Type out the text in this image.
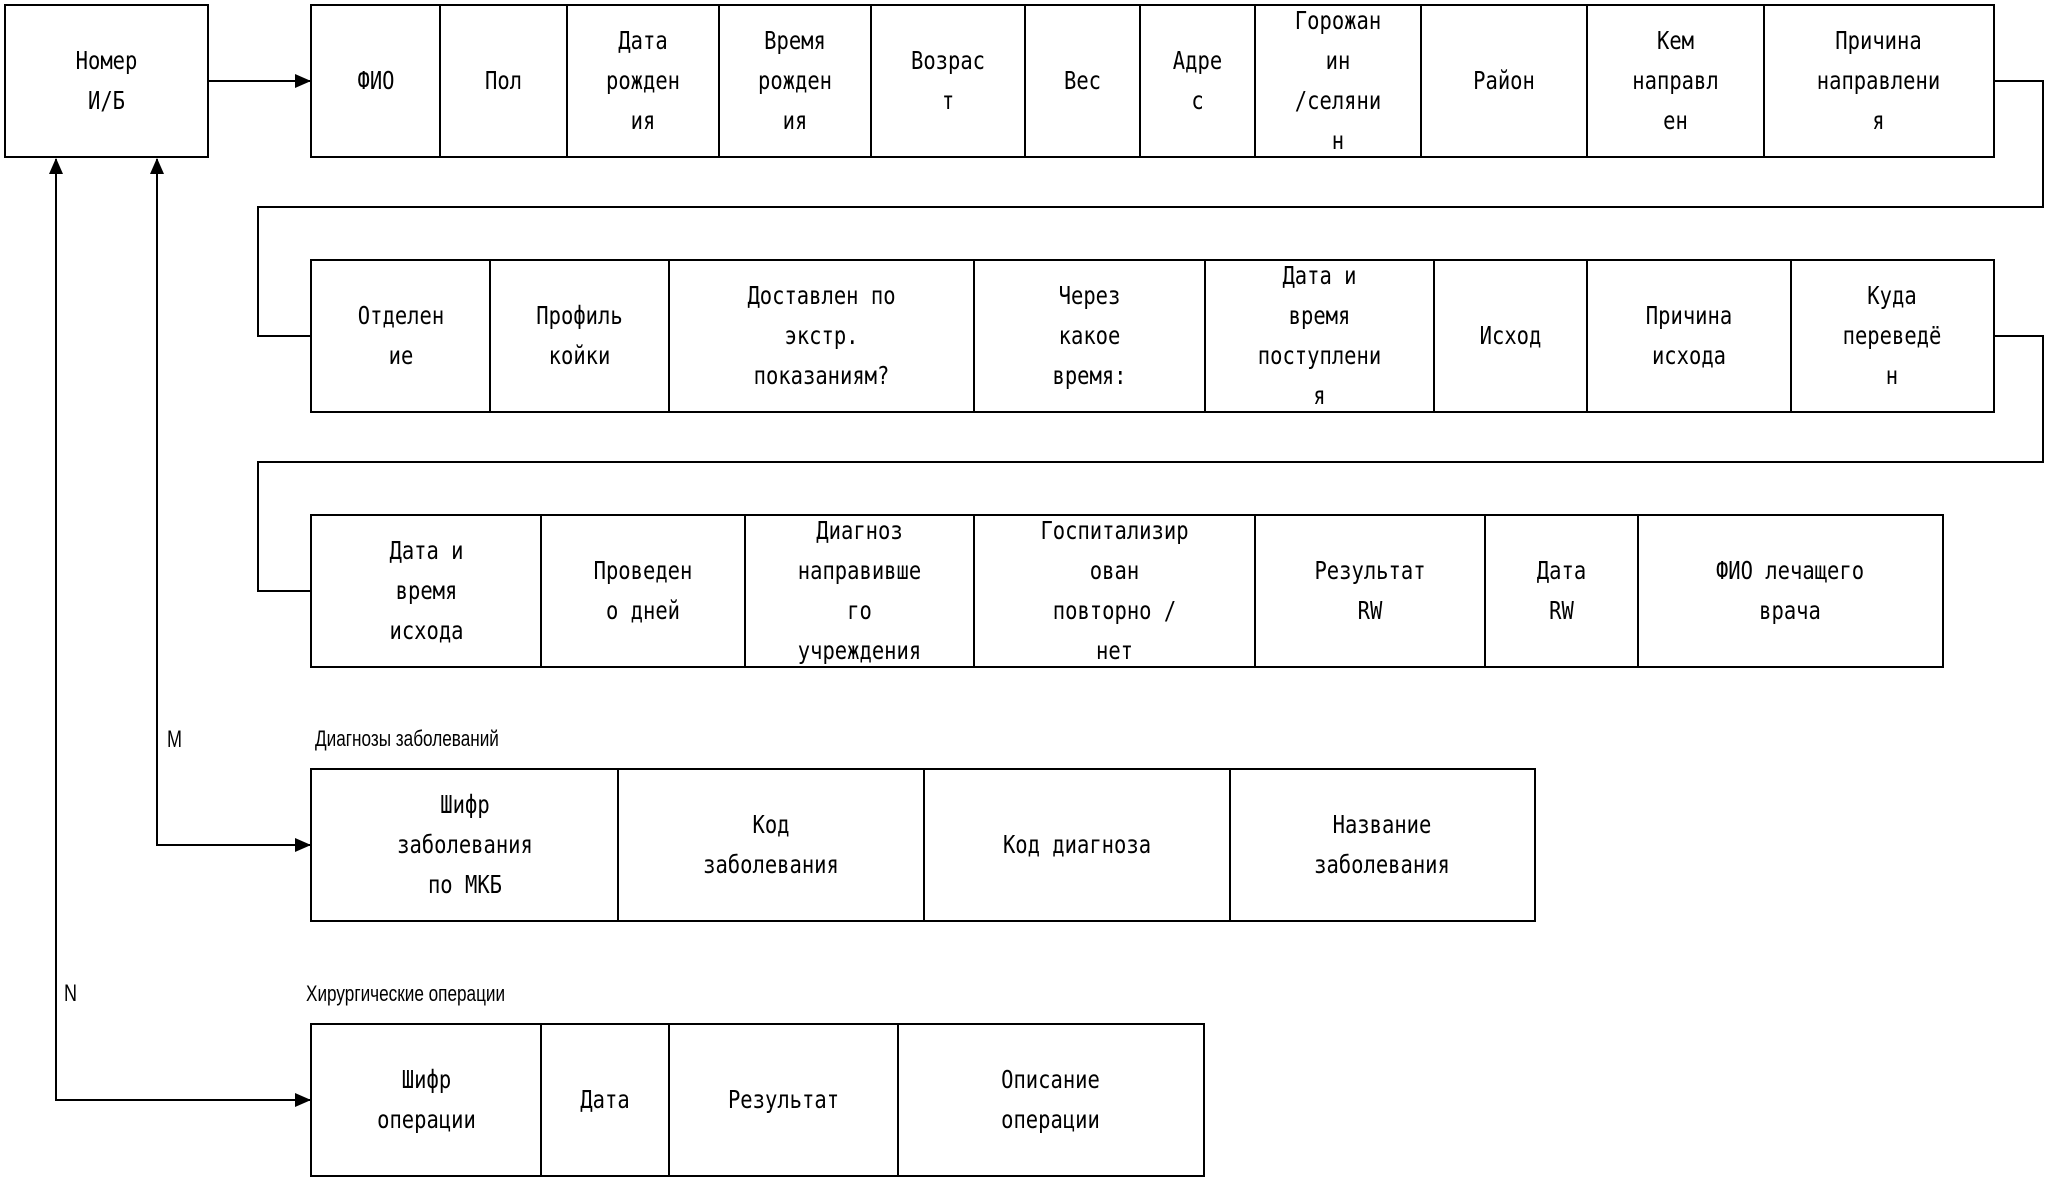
Номер
И/Б
ФИО	Пол
Дата
рожден
ия
Время
рожден
ия
Возрас
т
Вес
Адре
с
Горожан
ин
/селяни
н
Район
Кем
направл
ен
Причина
направлени
я
Отделен
ие
Профиль
койки
Доставлен по
экстр.
показаниям?
Через
какое
время:
Дата и
время
поступлени
я
Исход
Причина
исхода
Куда
переведё
н
Дата и
время
исхода
Проведен
о дней
Диагноз
направивше
го
учреждения
Госпитализир
ован
повторно /
нет
Результат
RW
Дата
RW
ФИО лечащего
врача
Диагнозы заболеваний
Шифр
заболевания
по МКБ
Код
заболевания
Код диагноза
Название
заболевания
M
Хирургические операции
Шифр
операции
Дата	Результат
Описание
операции
N
